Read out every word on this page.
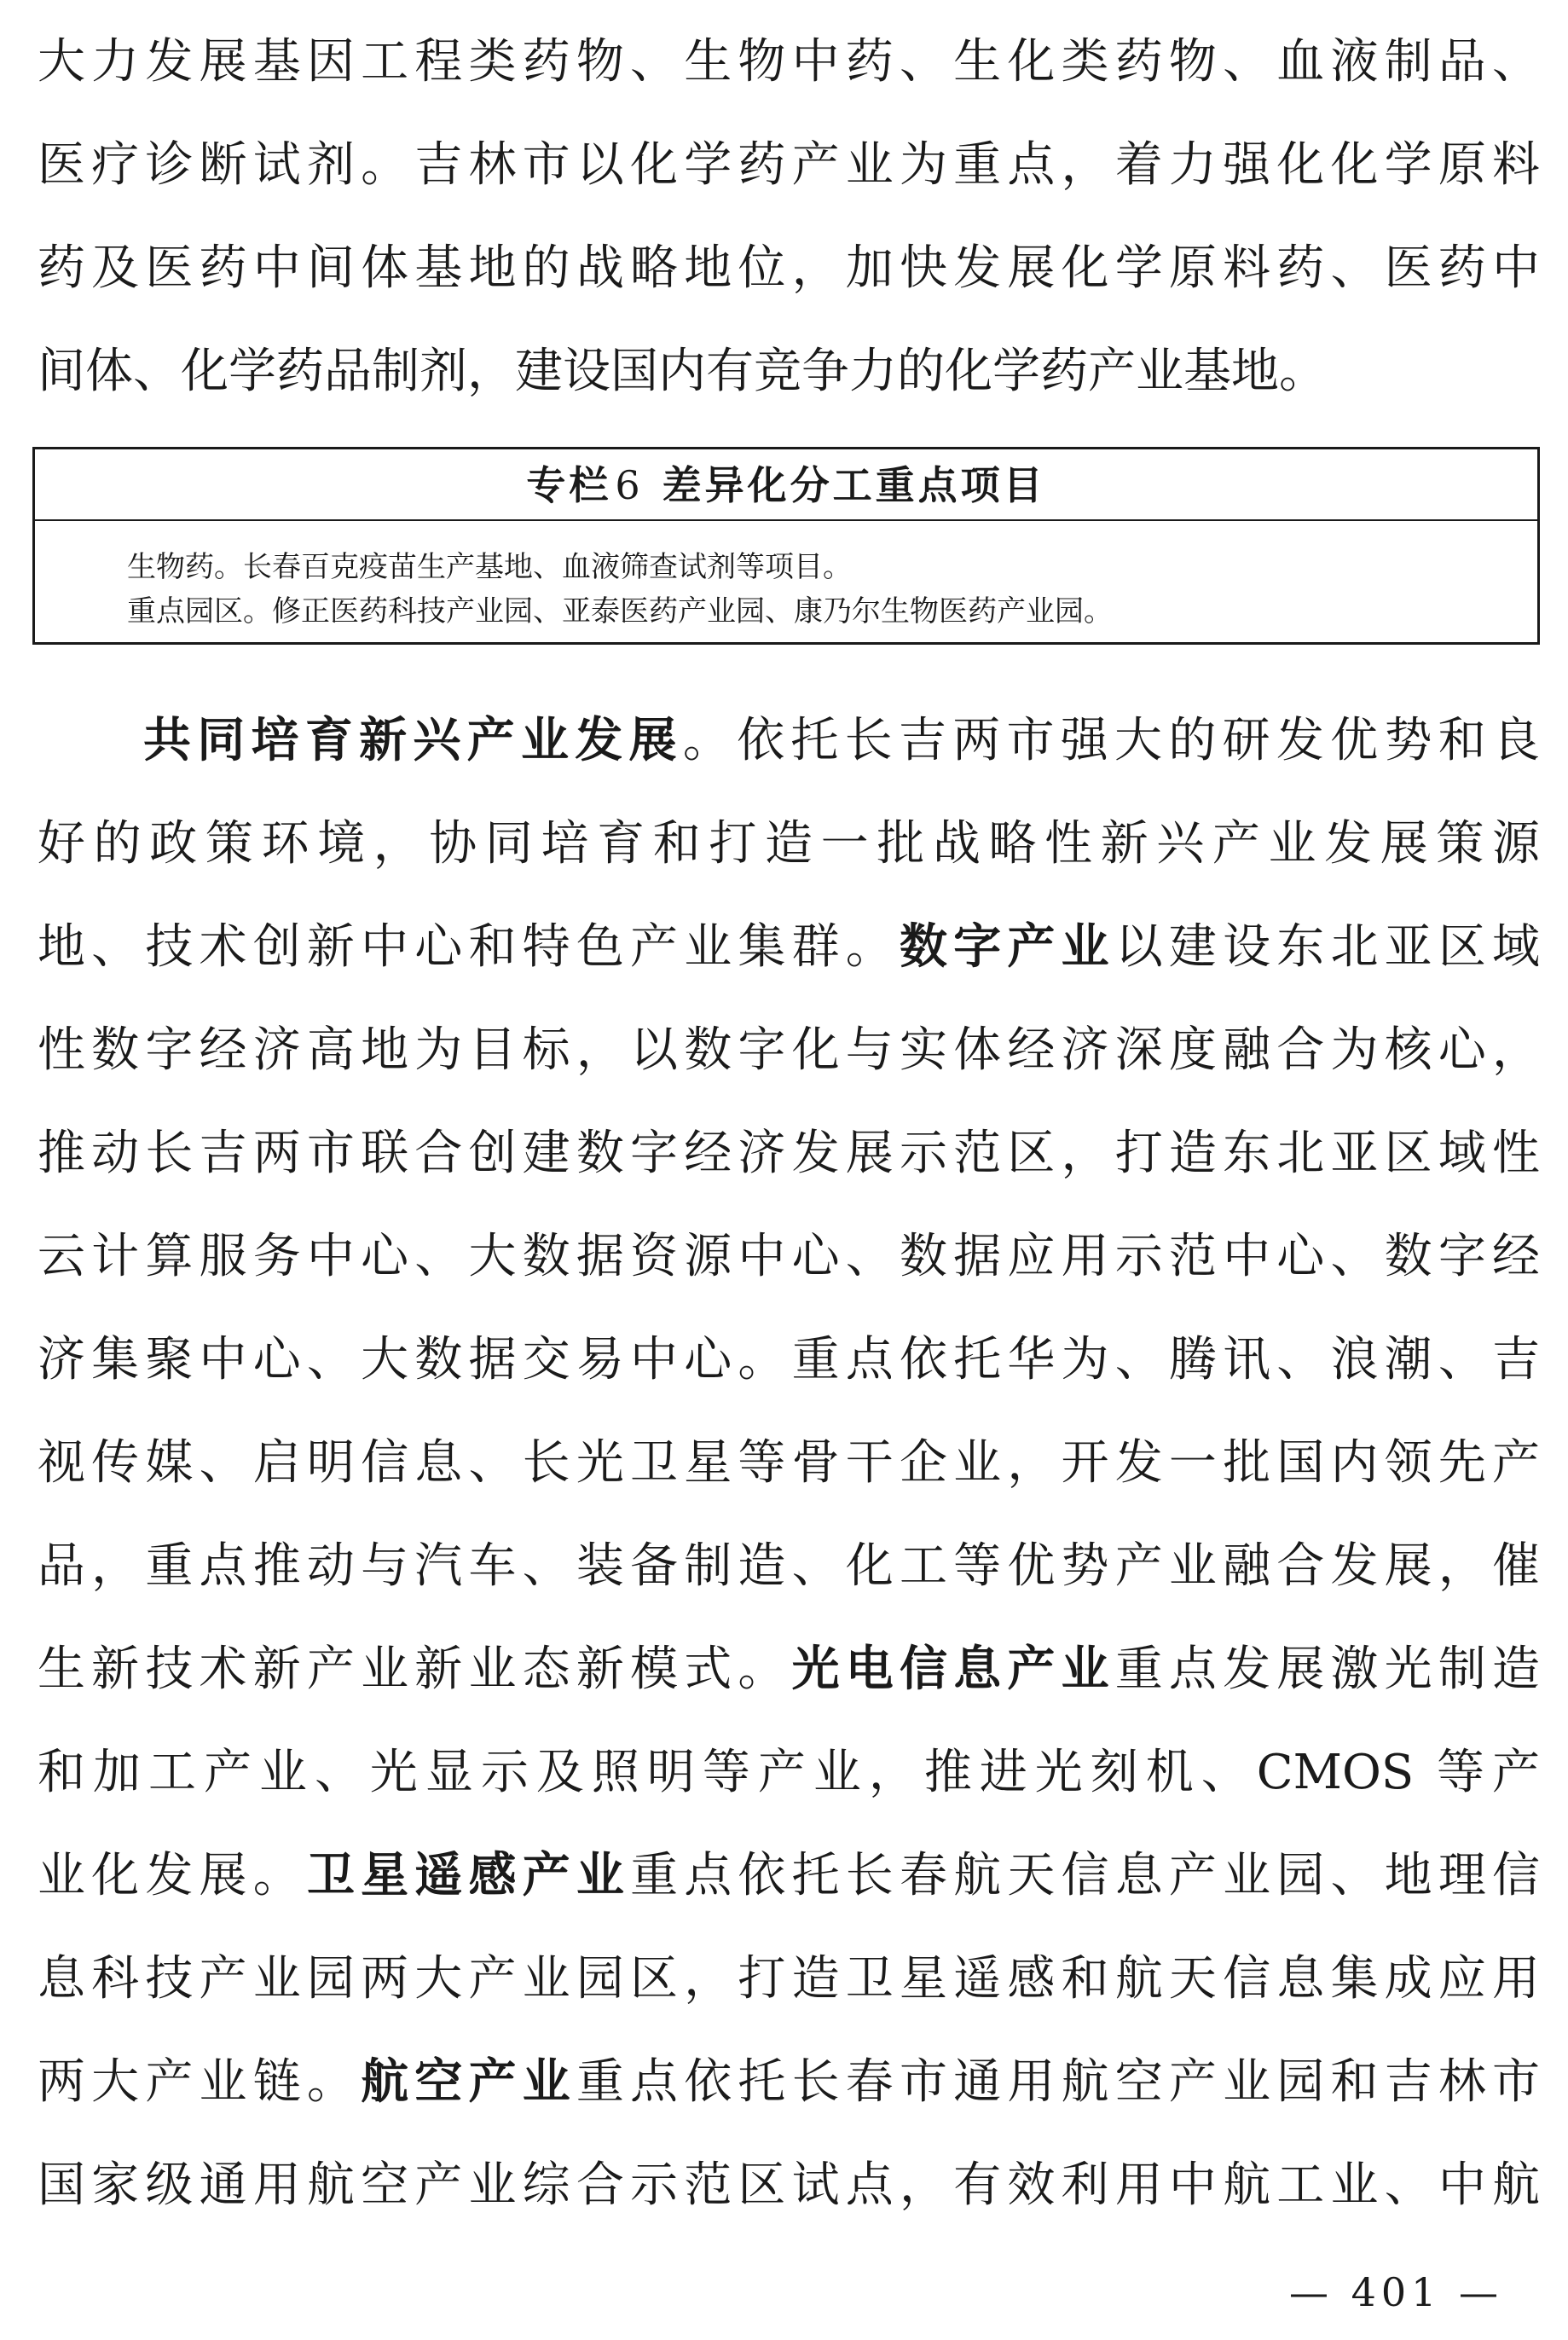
大力发展基因工程类药物、生物中药、生化类药物、血液制品、
医疗诊断试剂。吉林市以化学药产业为重点，着力强化化学原料
药及医药中间体基地的战略地位，加快发展化学原料药、医药中
间体、化学药品制剂，建设国内有竞争力的化学药产业基地。
专栏6 差异化分工重点项目
生物药。长春百克疫苗生产基地、血液筛查试剂等项目。
重点园区。修正医药科技产业园、亚泰医药产业园、康乃尔生物医药产业园。
共同培育新兴产业发展。依托长吉两市强大的研发优势和良
好的政策环境，协同培育和打造一批战略性新兴产业发展策源
地、技术创新中心和特色产业集群。数字产业以建设东北亚区域
性数字经济高地为目标，以数字化与实体经济深度融合为核心，
推动长吉两市联合创建数字经济发展示范区，打造东北亚区域性
云计算服务中心、大数据资源中心、数据应用示范中心、数字经
济集聚中心、大数据交易中心。重点依托华为、腾讯、浪潮、吉
视传媒、启明信息、长光卫星等骨干企业，开发一批国内领先产
品，重点推动与汽车、装备制造、化工等优势产业融合发展，催
生新技术新产业新业态新模式。光电信息产业重点发展激光制造
和加工产业、光显示及照明等产业，推进光刻机、CMOS 等产
业化发展。卫星遥感产业重点依托长春航天信息产业园、地理信
息科技产业园两大产业园区，打造卫星遥感和航天信息集成应用
两大产业链。航空产业重点依托长春市通用航空产业园和吉林市
国家级通用航空产业综合示范区试点，有效利用中航工业、中航
— 401 —
